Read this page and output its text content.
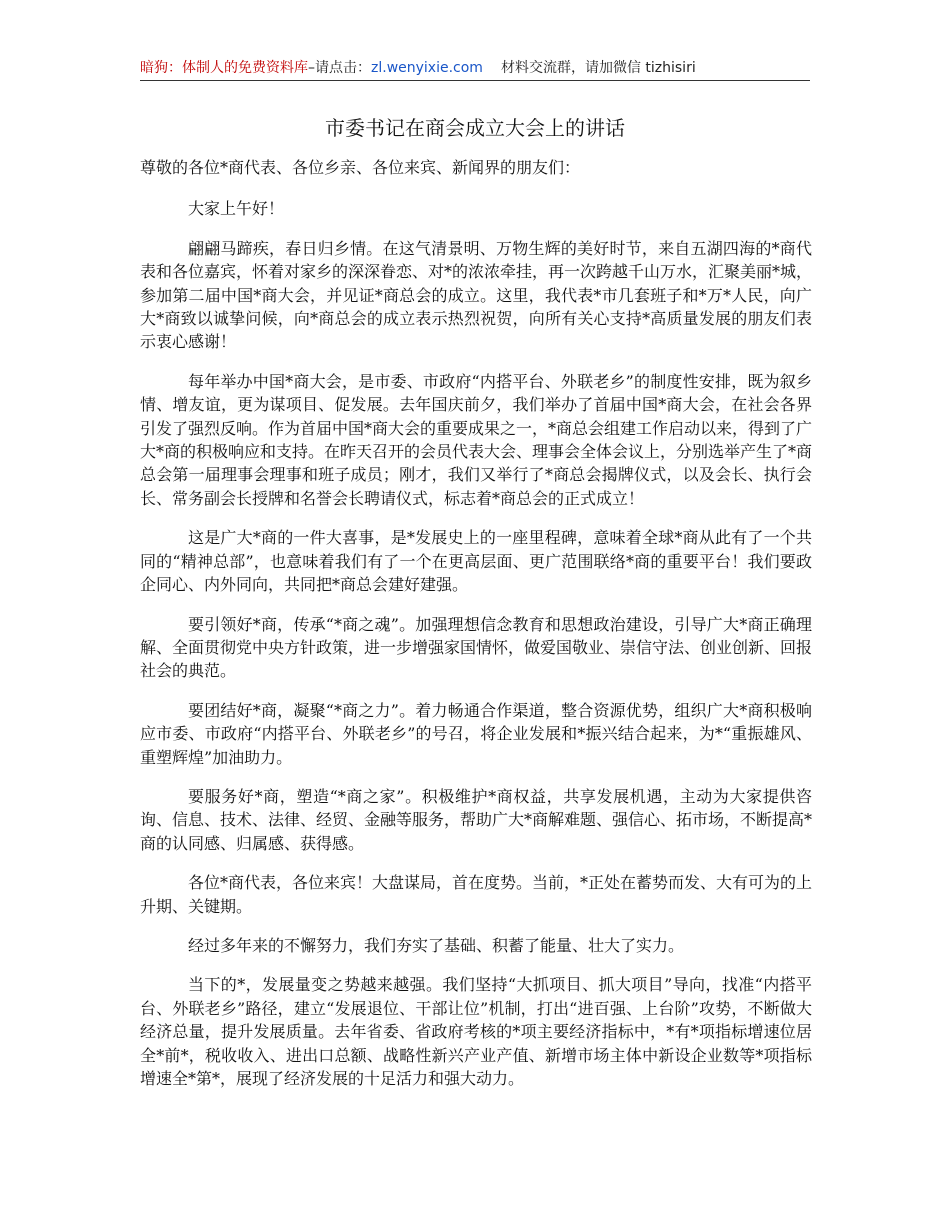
暗狗：体制人的免费资料库–请点击：zl.wenyixie.com 材料交流群，请加微信 tizhisiri
市委书记在商会成立大会上的讲话

尊敬的各位*商代表、各位乡亲、各位来宾、新闻界的朋友们：

大家上午好！

翩翩马蹄疾，春日归乡情。在这气清景明、万物生辉的美好时节，来自五湖四海的*商代表和各位嘉宾，怀着对家乡的深深眷恋、对*的浓浓牵挂，再一次跨越千山万水，汇聚美丽*城，参加第二届中国*商大会，并见证*商总会的成立。这里，我代表*市几套班子和*万*人民，向广大*商致以诚挚问候，向*商总会的成立表示热烈祝贺，向所有关心支持*高质量发展的朋友们表示衷心感谢！

每年举办中国*商大会，是市委、市政府“内搭平台、外联老乡”的制度性安排，既为叙乡情、增友谊，更为谋项目、促发展。去年国庆前夕，我们举办了首届中国*商大会，在社会各界引发了强烈反响。作为首届中国*商大会的重要成果之一，*商总会组建工作启动以来，得到了广大*商的积极响应和支持。在昨天召开的会员代表大会、理事会全体会议上，分别选举产生了*商总会第一届理事会理事和班子成员；刚才，我们又举行了*商总会揭牌仪式，以及会长、执行会长、常务副会长授牌和名誉会长聘请仪式，标志着*商总会的正式成立！

这是广大*商的一件大喜事，是*发展史上的一座里程碑，意味着全球*商从此有了一个共同的“精神总部”，也意味着我们有了一个在更高层面、更广范围联络*商的重要平台！我们要政企同心、内外同向，共同把*商总会建好建强。

要引领好*商，传承“*商之魂”。加强理想信念教育和思想政治建设，引导广大*商正确理解、全面贯彻党中央方针政策，进一步增强家国情怀，做爱国敬业、崇信守法、创业创新、回报社会的典范。

要团结好*商，凝聚“*商之力”。着力畅通合作渠道，整合资源优势，组织广大*商积极响应市委、市政府“内搭平台、外联老乡”的号召，将企业发展和*振兴结合起来，为*“重振雄风、重塑辉煌”加油助力。

要服务好*商，塑造“*商之家”。积极维护*商权益，共享发展机遇，主动为大家提供咨询、信息、技术、法律、经贸、金融等服务，帮助广大*商解难题、强信心、拓市场，不断提高*商的认同感、归属感、获得感。

各位*商代表，各位来宾！大盘谋局，首在度势。当前，*正处在蓄势而发、大有可为的上升期、关键期。

经过多年来的不懈努力，我们夯实了基础、积蓄了能量、壮大了实力。

当下的*，发展量变之势越来越强。我们坚持“大抓项目、抓大项目”导向，找准“内搭平台、外联老乡”路径，建立“发展退位、干部让位”机制，打出“进百强、上台阶”攻势，不断做大经济总量，提升发展质量。去年省委、省政府考核的*项主要经济指标中，*有*项指标增速位居全*前*，税收收入、进出口总额、战略性新兴产业产值、新增市场主体中新设企业数等*项指标增速全*第*，展现了经济发展的十足活力和强大动力。
